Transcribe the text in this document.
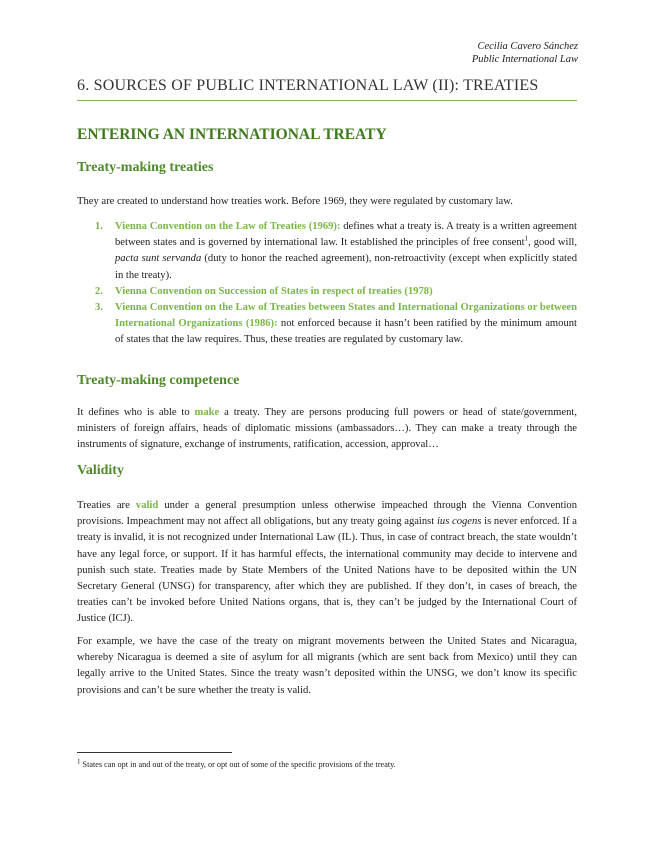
Cecilia Cavero Sánchez
Public International Law
6. SOURCES OF PUBLIC INTERNATIONAL LAW (II): TREATIES
ENTERING AN INTERNATIONAL TREATY
Treaty-making treaties
They are created to understand how treaties work. Before 1969, they were regulated by customary law.
1. Vienna Convention on the Law of Treaties (1969): defines what a treaty is. A treaty is a written agreement between states and is governed by international law. It established the principles of free consent$^1$, good will, pacta sunt servanda (duty to honor the reached agreement), non-retroactivity (except when explicitly stated in the treaty).
2. Vienna Convention on Succession of States in respect of treaties (1978)
3. Vienna Convention on the Law of Treaties between States and International Organizations or between International Organizations (1986): not enforced because it hasn’t been ratified by the minimum amount of states that the law requires. Thus, these treaties are regulated by customary law.
Treaty-making competence
It defines who is able to make a treaty. They are persons producing full powers or head of state/government, ministers of foreign affairs, heads of diplomatic missions (ambassadors…). They can make a treaty through the instruments of signature, exchange of instruments, ratification, accession, approval…
Validity
Treaties are valid under a general presumption unless otherwise impeached through the Vienna Convention provisions. Impeachment may not affect all obligations, but any treaty going against ius cogens is never enforced. If a treaty is invalid, it is not recognized under International Law (IL). Thus, in case of contract breach, the state wouldn’t have any legal force, or support. If it has harmful effects, the international community may decide to intervene and punish such state. Treaties made by State Members of the United Nations have to be deposited within the UN Secretary General (UNSG) for transparency, after which they are published. If they don’t, in cases of breach, the treaties can’t be invoked before United Nations organs, that is, they can’t be judged by the International Court of Justice (ICJ).
For example, we have the case of the treaty on migrant movements between the United States and Nicaragua, whereby Nicaragua is deemed a site of asylum for all migrants (which are sent back from Mexico) until they can legally arrive to the United States. Since the treaty wasn’t deposited within the UNSG, we don’t know its specific provisions and can’t be sure whether the treaty is valid.
$^1$ States can opt in and out of the treaty, or opt out of some of the specific provisions of the treaty.
